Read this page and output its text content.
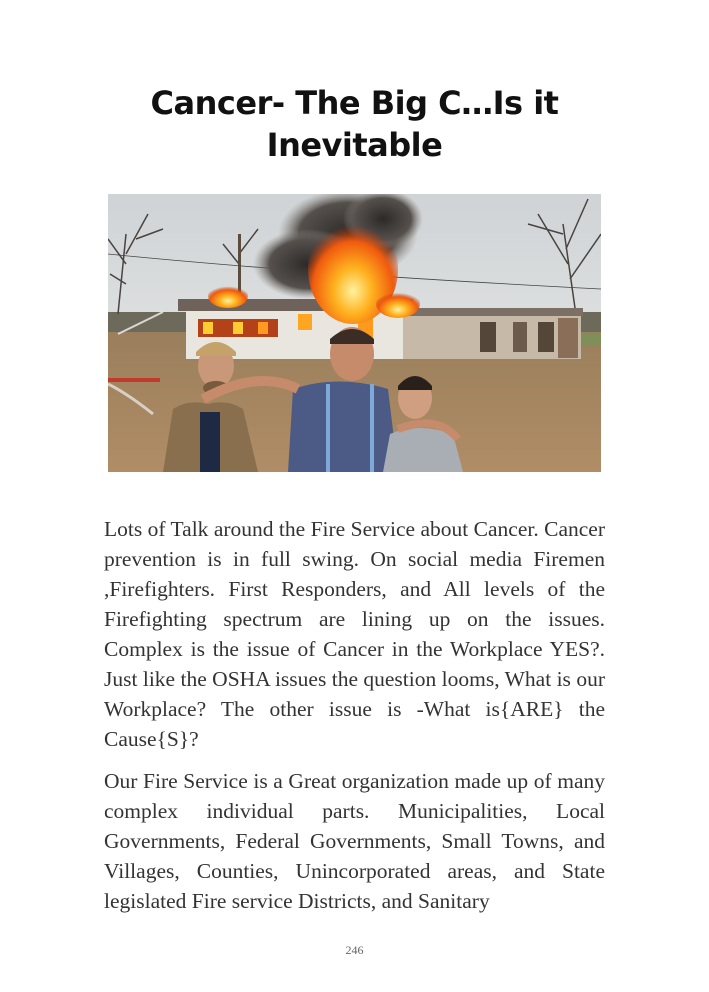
Cancer- The Big C…Is it
Inevitable

Lots of Talk around the Fire Service about Cancer. Cancer prevention is in full swing. On social media Firemen ,Firefighters. First Responders, and All levels of the Firefighting spectrum are lining up on the issues. Complex is the issue of Cancer in the Workplace YES?. Just like the OSHA issues the question looms, What is our Workplace? The other issue is -What is{ARE} the Cause{S}?

Our Fire Service is a Great organization made up of many complex individual parts. Municipalities, Local Governments, Federal Governments, Small Towns, and Villages, Counties, Unincorporated areas, and State legislated Fire service Districts, and Sanitary

246
